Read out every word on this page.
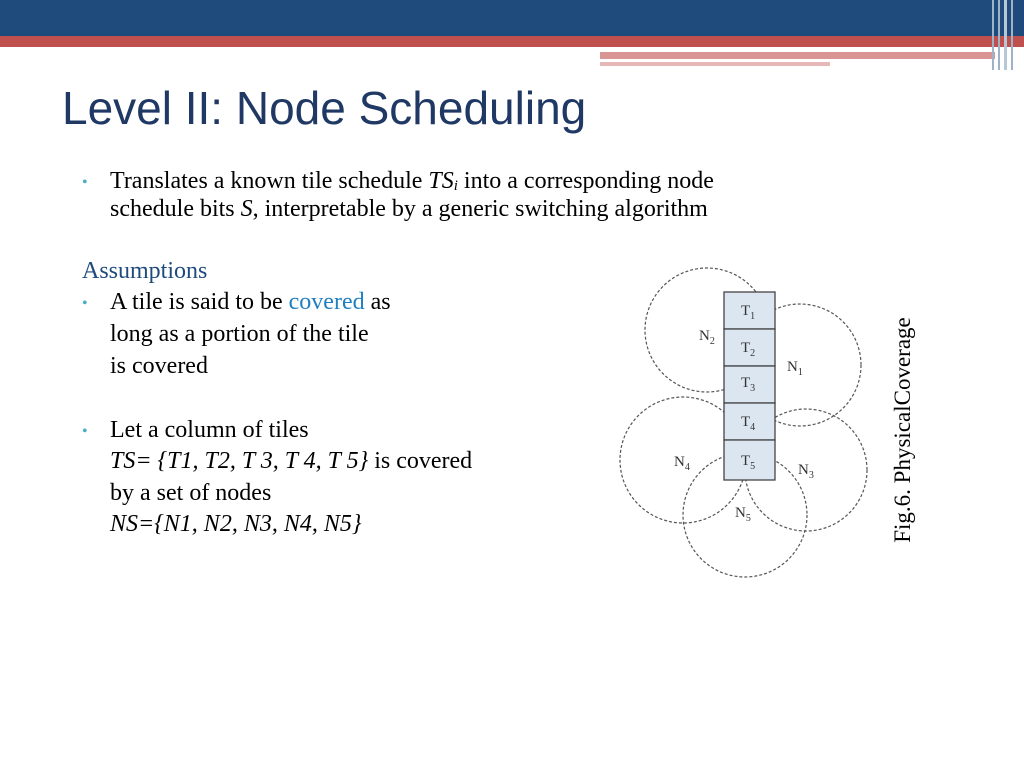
Level II: Node Scheduling
• Translates a known tile schedule $TS_i$ into a corresponding node
schedule bits S, interpretable by a generic switching algorithm
Assumptions
• A tile is said to be covered as
long as a portion of the tile
is covered
• Let a column of tiles
TS= {T1, T2, T 3, T 4, T 5} is covered
by a set of nodes
NS={N1, N2, N3, N4, N5}
$T_1$
$T_2$
$T_3$
$T_4$
$T_5$
$N_2$
$N_1$
$N_4$	$N_3$
$N_5$	Fig.6. PhysicalCoverage
